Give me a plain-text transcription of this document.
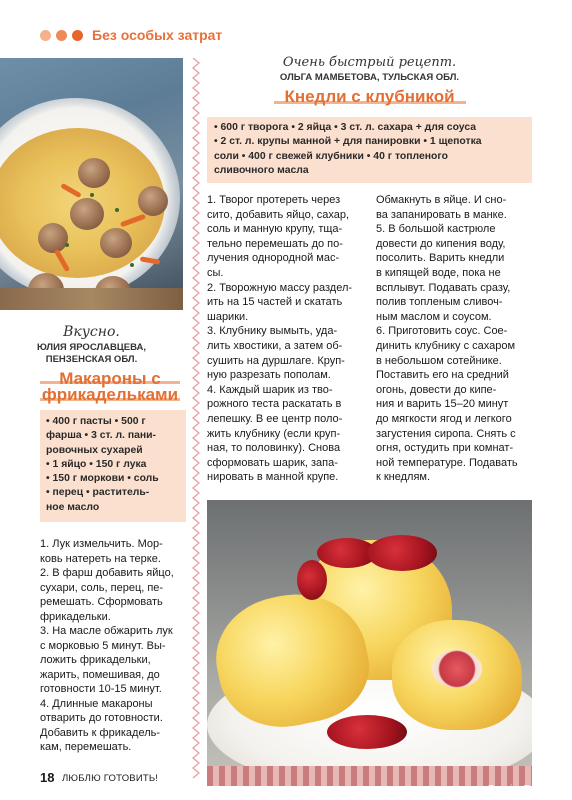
Без особых затрат
Вкусно.
ЮЛИЯ ЯРОСЛАВЦЕВА,
ПЕНЗЕНСКАЯ ОБЛ.
Макароны с
фрикадельками
• 400 г пасты • 500 г
фарша • 3 ст. л. пани-
ровочных сухарей
• 1 яйцо • 150 г лука
• 150 г моркови • соль
• перец • раститель-
ное масло

1. Лук измельчить. Мор-

ковь натереть на терке.

2. В фарш добавить яйцо,

сухари, соль, перец, пе-

ремешать. Сформовать

фрикадельки.

3. На масле обжарить лук

с морковью 5 минут. Вы-

ложить фрикадельки,

жарить, помешивая, до

готовности 10-15 минут.

4. Длинные макароны

отварить до готовности.

Добавить к фрикадель-

кам, перемешать.

Очень быстрый рецепт.
ОЛЬГА МАМБЕТОВА, ТУЛЬСКАЯ ОБЛ.
Кнедли с клубникой
• 600 г творога • 2 яйца • 3 ст. л. сахара + для соуса
• 2 ст. л. крупы манной + для панировки • 1 щепотка
соли • 400 г свежей клубники • 40 г топленого
сливочного масла

1. Творог протереть через

сито, добавить яйцо, сахар,

соль и манную крупу, тща-

тельно перемешать до по-

лучения однородной мас-

сы.

2. Творожную массу раздел-

ить на 15 частей и скатать

шарики.

3. Клубнику вымыть, уда-

лить хвостики, а затем об-

сушить на дуршлаге. Круп-

ную разрезать пополам.

4. Каждый шарик из тво-

рожного теста раскатать в

лепешку. В ее центр поло-

жить клубнику (если круп-

ная, то половинку). Снова

сформовать шарик, запа-

нировать в манной крупе.

Обмакнуть в яйце. И сно-

ва запанировать в манке.

5. В большой кастрюле

довести до кипения воду,

посолить. Варить кнедли

в кипящей воде, пока не

всплывут. Подавать сразу,

полив топленым сливоч-

ным маслом и соусом.

6. Приготовить соус. Сое-

динить клубнику с сахаром

в небольшом сотейнике.

Поставить его на средний

огонь, довести до кипе-

ния и варить 15–20 минут

до мягкости ягод и легкого

загустения сиропа. Снять с

огня, остудить при комнат-

ной температуре. Подавать

к кнедлям.

18 ЛЮБЛЮ ГОТОВИТЬ!
PassionForum.ru
